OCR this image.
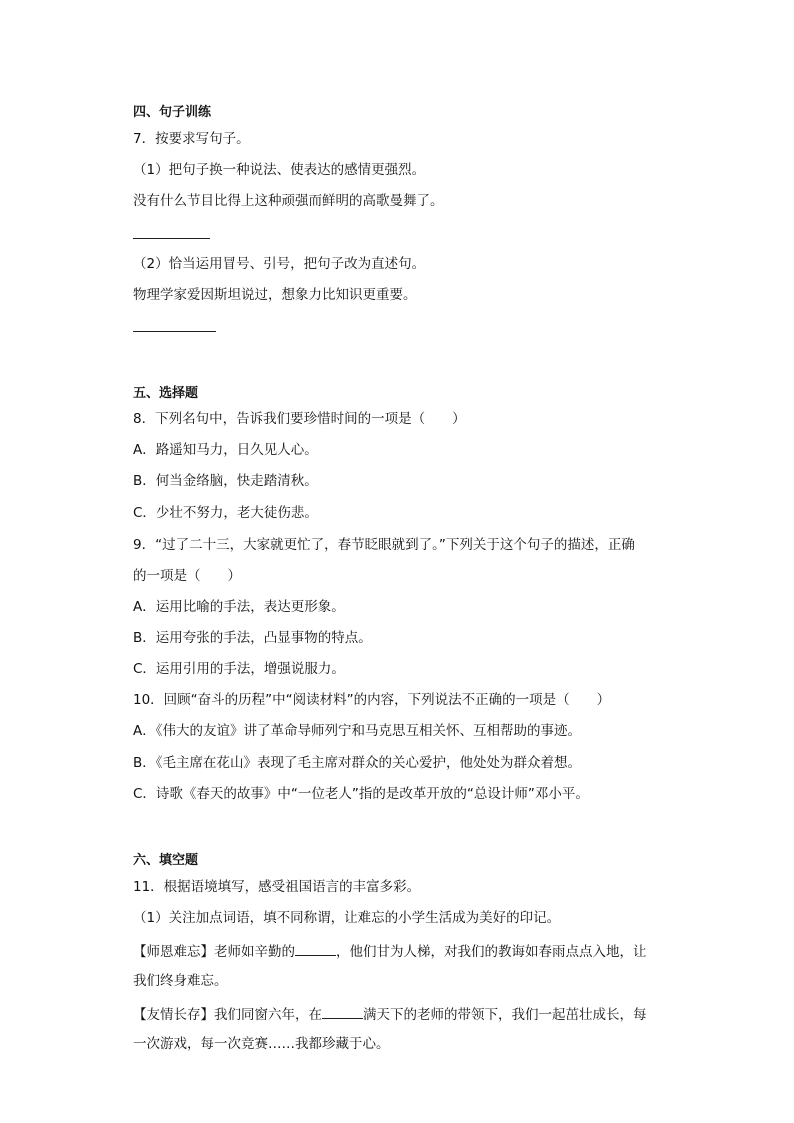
四、句子训练
7．按要求写句子。
（1）把句子换一种说法、使表达的感情更强烈。
没有什么节目比得上这种顽强而鲜明的高歌曼舞了。
（2）恰当运用冒号、引号，把句子改为直述句。
物理学家爱因斯坦说过，想象力比知识更重要。
五、选择题
8．下列名句中，告诉我们要珍惜时间的一项是（　　）
A．路遥知马力，日久见人心。
B．何当金络脑，快走踏清秋。
C．少壮不努力，老大徒伤悲。
9．“过了二十三，大家就更忙了，春节眨眼就到了。”下列关于这个句子的描述，正确
的一项是（　　）
A．运用比喻的手法，表达更形象。
B．运用夸张的手法，凸显事物的特点。
C．运用引用的手法，增强说服力。
10．回顾“奋斗的历程”中“阅读材料”的内容，下列说法不正确的一项是（　　）
A．《伟大的友谊》讲了革命导师列宁和马克思互相关怀、互相帮助的事迹。
B．《毛主席在花山》表现了毛主席对群众的关心爱护，他处处为群众着想。
C．诗歌《春天的故事》中“一位老人”指的是改革开放的“总设计师”邓小平。
六、填空题
11．根据语境填写，感受祖国语言的丰富多彩。
（1）关注加点词语，填不同称谓，让难忘的小学生活成为美好的印记。
【师恩难忘】老师如辛勤的	，他们甘为人梯，对我们的教诲如春雨点点入地，让
我们终身难忘。
【友情长存】我们同窗六年，在	满天下的老师的带领下，我们一起茁壮成长，每
一次游戏，每一次竞赛……我都珍藏于心。
